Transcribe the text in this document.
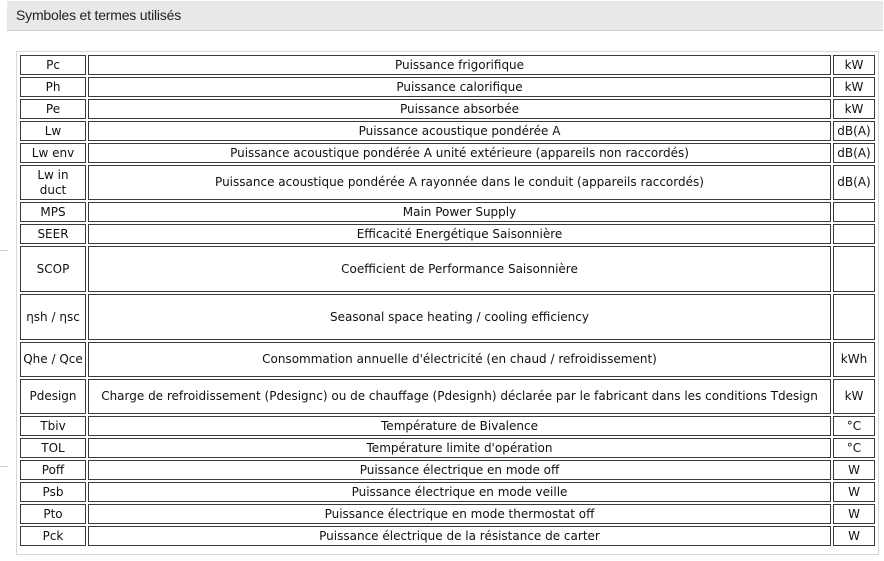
Symboles et termes utilisés
Pc	Puissance frigorifique	kW
Ph	Puissance calorifique	kW
Pe	Puissance absorbée	kW
Lw	Puissance acoustique pondérée A	dB(A)
Lw env	Puissance acoustique pondérée A unité extérieure (appareils non raccordés)	dB(A)
Lw in duct	Puissance acoustique pondérée A rayonnée dans le conduit (appareils raccordés)	dB(A)
MPS	Main Power Supply	
SEER	Efficacité Energétique Saisonnière	
SCOP	Coefficient de Performance Saisonnière	
ηsh / ηsc	Seasonal space heating / cooling efficiency	
Qhe / Qce	Consommation annuelle d'électricité (en chaud / refroidissement)	kWh
Pdesign	Charge de refroidissement (Pdesignc) ou de chauffage (Pdesignh) déclarée par le fabricant dans les conditions Tdesign	kW
Tbiv	Température de Bivalence	°C
TOL	Température limite d'opération	°C
Poff	Puissance électrique en mode off	W
Psb	Puissance électrique en mode veille	W
Pto	Puissance électrique en mode thermostat off	W
Pck	Puissance électrique de la résistance de carter	W
